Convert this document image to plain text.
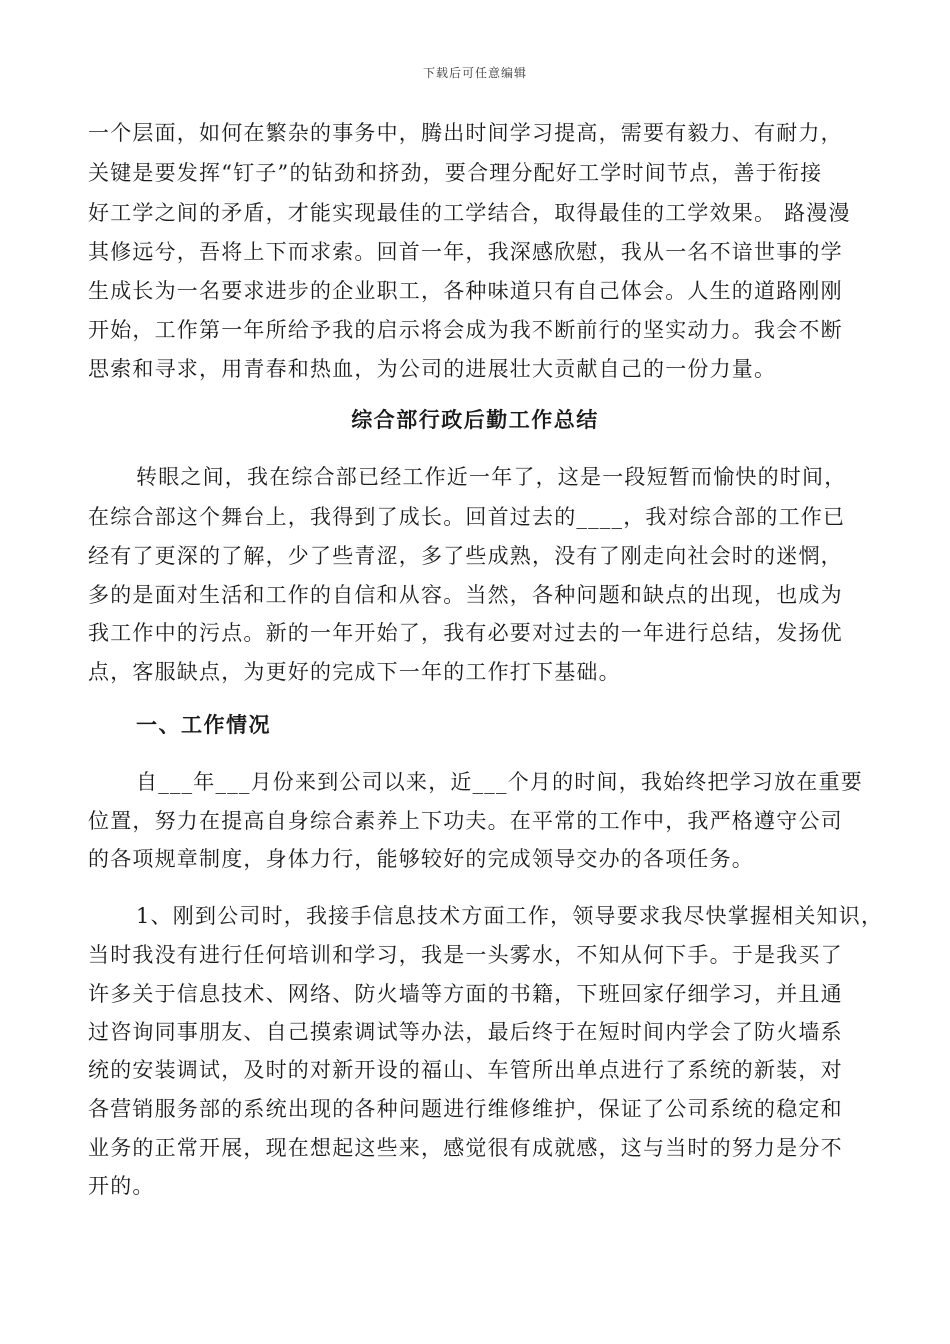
下载后可任意编辑
一个层面，如何在繁杂的事务中，腾出时间学习提高，需要有毅力、有耐力，
关键是要发挥“钉子”的钻劲和挤劲，要合理分配好工学时间节点，善于衔接
好工学之间的矛盾，才能实现最佳的工学结合，取得最佳的工学效果。 路漫漫
其修远兮，吾将上下而求索。回首一年，我深感欣慰，我从一名不谙世事的学
生成长为一名要求进步的企业职工，各种味道只有自己体会。人生的道路刚刚
开始，工作第一年所给予我的启示将会成为我不断前行的坚实动力。我会不断
思索和寻求，用青春和热血，为公司的进展壮大贡献自己的一份力量。
综合部行政后勤工作总结
转眼之间，我在综合部已经工作近一年了，这是一段短暂而愉快的时间，
在综合部这个舞台上，我得到了成长。回首过去的____，我对综合部的工作已
经有了更深的了解，少了些青涩，多了些成熟，没有了刚走向社会时的迷惘，
多的是面对生活和工作的自信和从容。当然，各种问题和缺点的出现，也成为
我工作中的污点。新的一年开始了，我有必要对过去的一年进行总结，发扬优
点，客服缺点，为更好的完成下一年的工作打下基础。
一、工作情况
自___年___月份来到公司以来，近___个月的时间，我始终把学习放在重要
位置，努力在提高自身综合素养上下功夫。在平常的工作中，我严格遵守公司
的各项规章制度，身体力行，能够较好的完成领导交办的各项任务。
1、刚到公司时，我接手信息技术方面工作，领导要求我尽快掌握相关知识，
当时我没有进行任何培训和学习，我是一头雾水，不知从何下手。于是我买了
许多关于信息技术、网络、防火墙等方面的书籍，下班回家仔细学习，并且通
过咨询同事朋友、自己摸索调试等办法，最后终于在短时间内学会了防火墙系
统的安装调试，及时的对新开设的福山、车管所出单点进行了系统的新装，对
各营销服务部的系统出现的各种问题进行维修维护，保证了公司系统的稳定和
业务的正常开展，现在想起这些来，感觉很有成就感，这与当时的努力是分不
开的。
